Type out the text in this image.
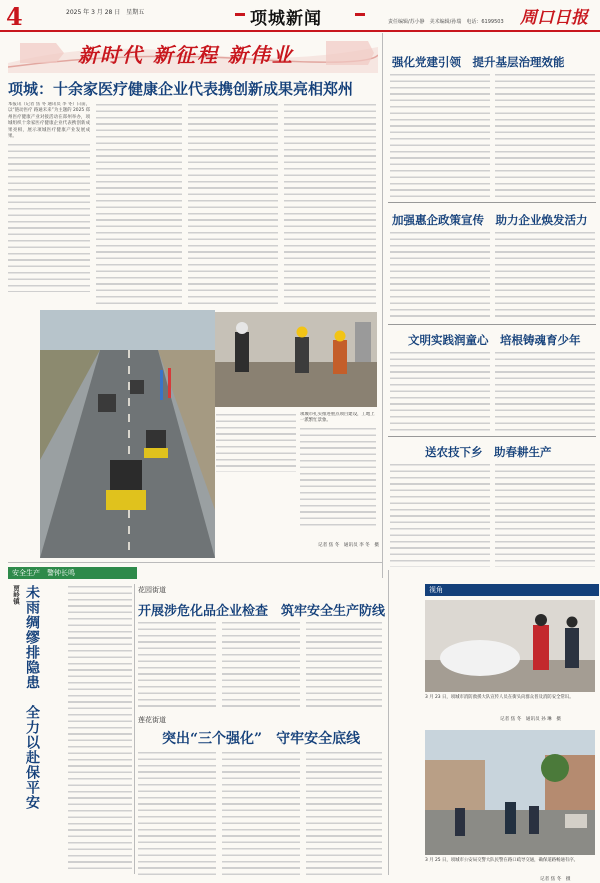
4	2025 年 3 月 28 日　星期五	项城新闻	责任编辑/苏小静　美术编辑/孙瑞　电话：6199503 周口日报
新时代 新征程 新伟业
项城：十余家医疗健康企业代表携创新成果亮相郑州
本报讯（记者 焦 冬 通讯员 李 冬）日前，以“链动医疗 路通未来”为主题的 2025 郑州医疗健康产业对接活动在郑州举办，项城组织十余家医疗健康企业代表携创新成果亮相，展示项城医疗健康产业发展成果。
项城市扎实推进重点项目建设，工地上一派繁忙景象。
记者 焦 冬　通讯员 李 冬　摄
强化党建引领　提升基层治理效能
加强惠企政策宣传　助力企业焕发活力
文明实践润童心　培根铸魂育少年
送农技下乡　助春耕生产
安全生产　警钟长鸣
贾岭镇 未雨绸缪排隐患　全力以赴保平安	花园街道
开展涉危化品企业检查　筑牢安全生产防线
莲花街道
突出“三个强化”　守牢安全底线
视角
3 月 23 日，项城市消防救援大队宣传人员在街头向群众普及消防安全常识。
记者 焦 冬　通讯员 孙 琳　摄
3 月 25 日，项城市公安局交警大队民警在路口疏导交通，确保道路畅通有序。
记者 焦 冬　摄
